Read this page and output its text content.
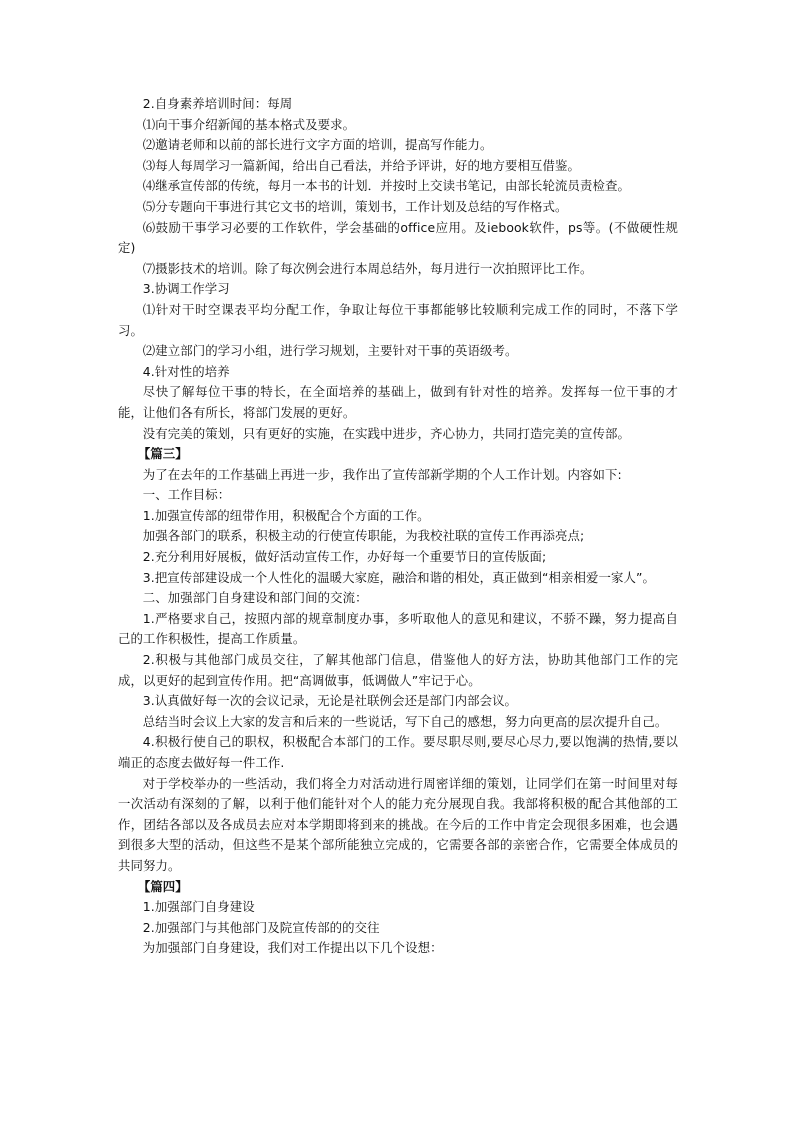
2.自身素养培训时间：每周

⑴向干事介绍新闻的基本格式及要求。

⑵邀请老师和以前的部长进行文字方面的培训，提高写作能力。

⑶每人每周学习一篇新闻，给出自己看法，并给予评讲，好的地方要相互借鉴。

⑷继承宣传部的传统，每月一本书的计划．并按时上交读书笔记，由部长轮流员责检查。

⑸分专题向干事进行其它文书的培训，策划书，工作计划及总结的写作格式。

⑹鼓励干事学习必要的工作软件，学会基础的office应用。及iebook软件，ps等。(不做硬性规定)

⑺摄影技术的培训。除了每次例会进行本周总结外，每月进行一次拍照评比工作。

3.协调工作学习

⑴针对干时空课表平均分配工作，争取让每位干事都能够比较顺利完成工作的同时，不落下学习。

⑵建立部门的学习小组，进行学习规划，主要针对干事的英语级考。

4.针对性的培养

尽快了解每位干事的特长，在全面培养的基础上，做到有针对性的培养。发挥每一位干事的才能，让他们各有所长，将部门发展的更好。

没有完美的策划，只有更好的实施，在实践中进步，齐心协力，共同打造完美的宣传部。

【篇三】

为了在去年的工作基础上再进一步，我作出了宣传部新学期的个人工作计划。内容如下:

一、工作目标：

1.加强宣传部的纽带作用，积极配合个方面的工作。

加强各部门的联系，积极主动的行使宣传职能，为我校社联的宣传工作再添亮点;

2.充分利用好展板，做好活动宣传工作，办好每一个重要节日的宣传版面;

3.把宣传部建设成一个人性化的温暖大家庭，融洽和谐的相处，真正做到“相亲相爱一家人”。

二、加强部门自身建设和部门间的交流：

1.严格要求自己，按照内部的规章制度办事，多听取他人的意见和建议，不骄不躁，努力提高自己的工作积极性，提高工作质量。

2.积极与其他部门成员交往，了解其他部门信息，借鉴他人的好方法，协助其他部门工作的完成，以更好的起到宣传作用。把“高调做事，低调做人”牢记于心。

3.认真做好每一次的会议记录，无论是社联例会还是部门内部会议。

总结当时会议上大家的发言和后来的一些说话，写下自己的感想，努力向更高的层次提升自己。

4.积极行使自己的职权，积极配合本部门的工作。要尽职尽则,要尽心尽力,要以饱满的热情,要以端正的态度去做好每一件工作.

对于学校举办的一些活动，我们将全力对活动进行周密详细的策划，让同学们在第一时间里对每一次活动有深刻的了解，以利于他们能针对个人的能力充分展现自我。我部将积极的配合其他部的工作，团结各部以及各成员去应对本学期即将到来的挑战。在今后的工作中肯定会现很多困难，也会遇到很多大型的活动，但这些不是某个部所能独立完成的，它需要各部的亲密合作，它需要全体成员的共同努力。

【篇四】

1.加强部门自身建设

2.加强部门与其他部门及院宣传部的的交往

为加强部门自身建设，我们对工作提出以下几个设想：
